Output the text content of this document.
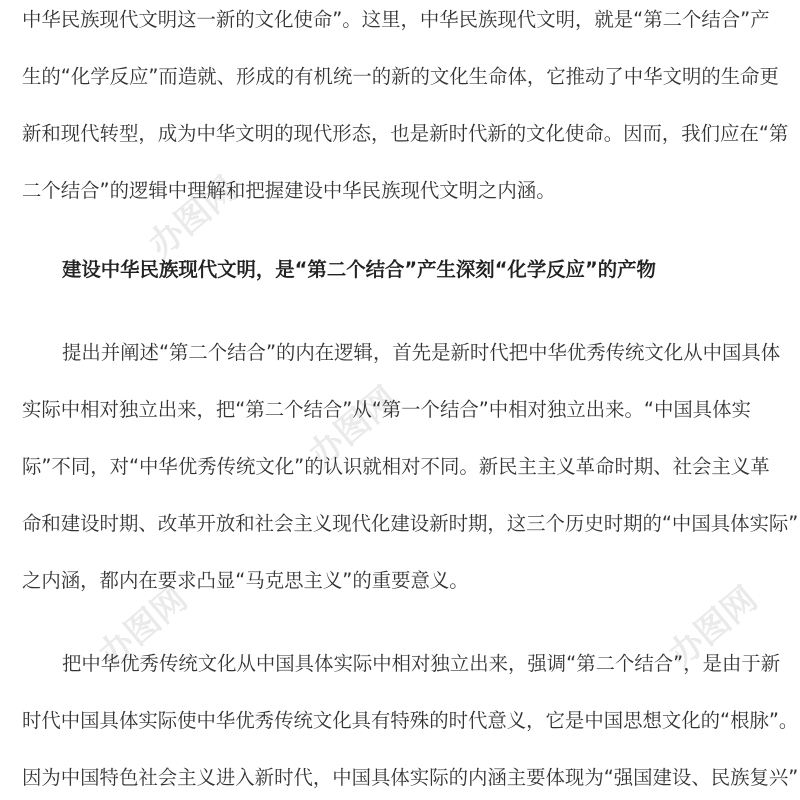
办图网
办图网
办图网	办图网
中华民族现代文明这一新的文化使命”。这里，中华民族现代文明，就是“第二个结合”产
生的“化学反应”而造就、形成的有机统一的新的文化生命体，它推动了中华文明的生命更
新和现代转型，成为中华文明的现代形态，也是新时代新的文化使命。因而，我们应在“第
二个结合”的逻辑中理解和把握建设中华民族现代文明之内涵。
建设中华民族现代文明，是“第二个结合”产生深刻“化学反应”的产物
提出并阐述“第二个结合”的内在逻辑，首先是新时代把中华优秀传统文化从中国具体
实际中相对独立出来，把“第二个结合”从“第一个结合”中相对独立出来。“中国具体实
际”不同，对“中华优秀传统文化”的认识就相对不同。新民主主义革命时期、社会主义革
命和建设时期、改革开放和社会主义现代化建设新时期，这三个历史时期的“中国具体实际”
之内涵，都内在要求凸显“马克思主义”的重要意义。
把中华优秀传统文化从中国具体实际中相对独立出来，强调“第二个结合”，是由于新
时代中国具体实际使中华优秀传统文化具有特殊的时代意义，它是中国思想文化的“根脉”。
因为中国特色社会主义进入新时代，中国具体实际的内涵主要体现为“强国建设、民族复兴”
